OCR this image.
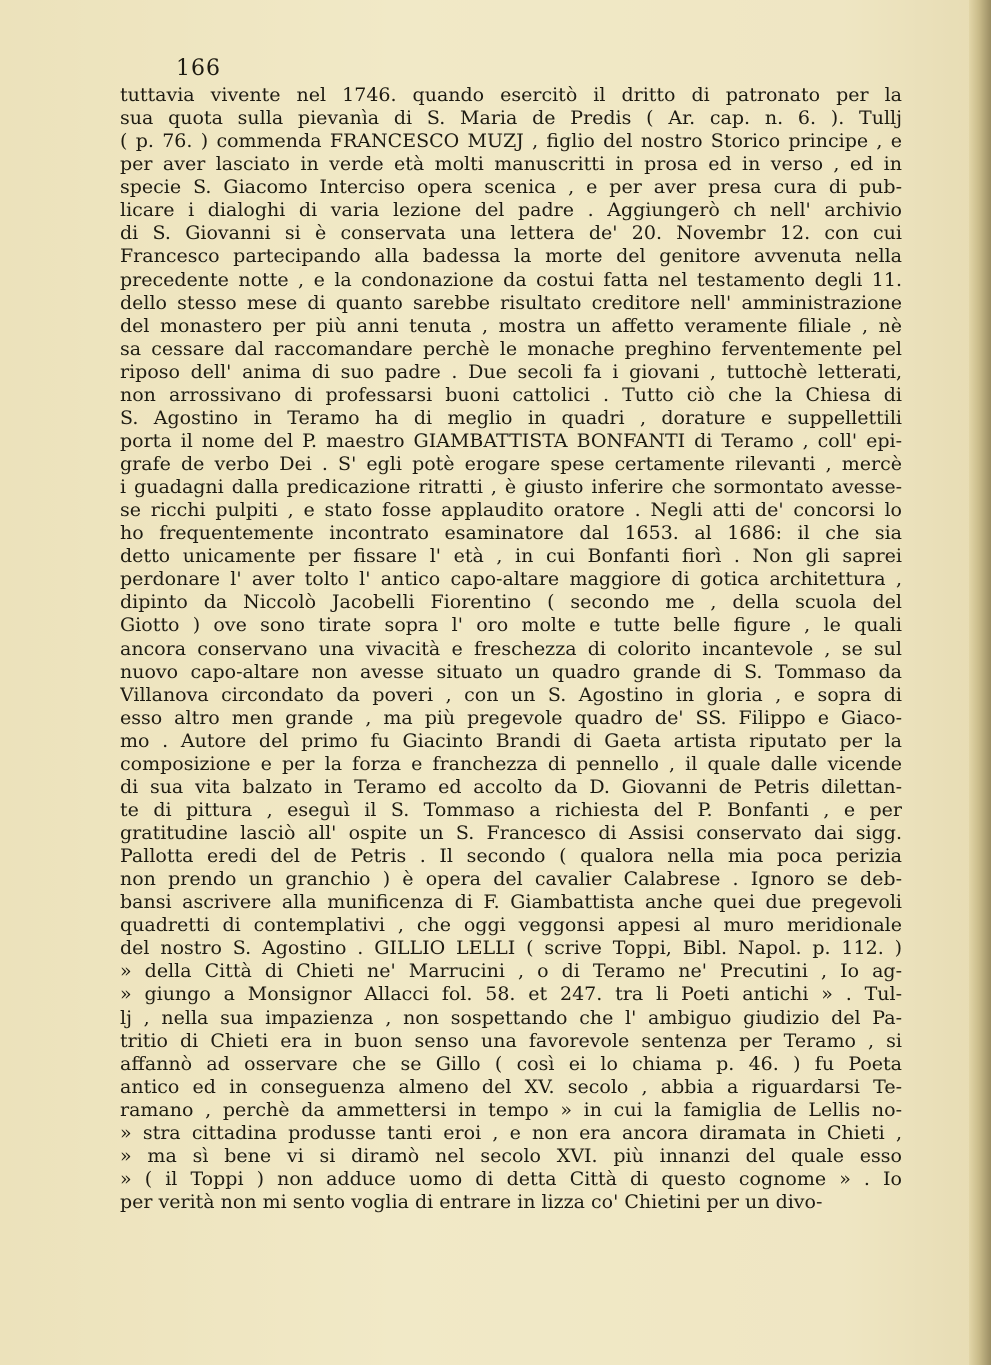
166
tuttavia vivente nel 1746. quando esercitò il dritto di patronato per la
sua quota sulla pievanìa di S. Maria de Predis ( Ar. cap. n. 6. ). Tullj
( p. 76. ) commenda FRANCESCO MUZJ , figlio del nostro Storico principe , e
per aver lasciato in verde età molti manuscritti in prosa ed in verso , ed in
specie S. Giacomo Interciso opera scenica , e per aver presa cura di pub-
licare i dialoghi di varia lezione del padre . Aggiungerò ch nell' archivio
di S. Giovanni si è conservata una lettera de' 20. Novembr 12. con cui
Francesco partecipando alla badessa la morte del genitore avvenuta nella
precedente notte , e la condonazione da costui fatta nel testamento degli 11.
dello stesso mese di quanto sarebbe risultato creditore nell' amministrazione
del monastero per più anni tenuta , mostra un affetto veramente filiale , nè
sa cessare dal raccomandare perchè le monache preghino ferventemente pel
riposo dell' anima di suo padre . Due secoli fa i giovani , tuttochè letterati,
non arrossivano di professarsi buoni cattolici . Tutto ciò che la Chiesa di
S. Agostino in Teramo ha di meglio in quadri , dorature e suppellettili
porta il nome del P. maestro GIAMBATTISTA BONFANTI di Teramo , coll' epi-
grafe de verbo Dei . S' egli potè erogare spese certamente rilevanti , mercè
i guadagni dalla predicazione ritratti , è giusto inferire che sormontato avesse-
se ricchi pulpiti , e stato fosse applaudito oratore . Negli atti de' concorsi lo
ho frequentemente incontrato esaminatore dal 1653. al 1686: il che sia
detto unicamente per fissare l' età , in cui Bonfanti fiorì . Non gli saprei
perdonare l' aver tolto l' antico capo-altare maggiore di gotica architettura ,
dipinto da Niccolò Jacobelli Fiorentino ( secondo me , della scuola del
Giotto ) ove sono tirate sopra l' oro molte e tutte belle figure , le quali
ancora conservano una vivacità e freschezza di colorito incantevole , se sul
nuovo capo-altare non avesse situato un quadro grande di S. Tommaso da
Villanova circondato da poveri , con un S. Agostino in gloria , e sopra di
esso altro men grande , ma più pregevole quadro de' SS. Filippo e Giaco-
mo . Autore del primo fu Giacinto Brandi di Gaeta artista riputato per la
composizione e per la forza e franchezza di pennello , il quale dalle vicende
di sua vita balzato in Teramo ed accolto da D. Giovanni de Petris dilettan-
te di pittura , eseguì il S. Tommaso a richiesta del P. Bonfanti , e per
gratitudine lasciò all' ospite un S. Francesco di Assisi conservato dai sigg.
Pallotta eredi del de Petris . Il secondo ( qualora nella mia poca perizia
non prendo un granchio ) è opera del cavalier Calabrese . Ignoro se deb-
bansi ascrivere alla munificenza di F. Giambattista anche quei due pregevoli
quadretti di contemplativi , che oggi veggonsi appesi al muro meridionale
del nostro S. Agostino . GILLIO LELLI ( scrive Toppi, Bibl. Napol. p. 112. )
» della Città di Chieti ne' Marrucini , o di Teramo ne' Precutini , Io ag-
» giungo a Monsignor Allacci fol. 58. et 247. tra li Poeti antichi » . Tul-
lj , nella sua impazienza , non sospettando che l' ambiguo giudizio del Pa-
tritio di Chieti era in buon senso una favorevole sentenza per Teramo , si
affannò ad osservare che se Gillo ( così ei lo chiama p. 46. ) fu Poeta
antico ed in conseguenza almeno del XV. secolo , abbia a riguardarsi Te-
ramano , perchè da ammettersi in tempo » in cui la famiglia de Lellis no-
» stra cittadina produsse tanti eroi , e non era ancora diramata in Chieti ,
» ma sì bene vi si diramò nel secolo XVI. più innanzi del quale esso
» ( il Toppi ) non adduce uomo di detta Città di questo cognome » . Io
per verità non mi sento voglia di entrare in lizza co' Chietini per un divo-
